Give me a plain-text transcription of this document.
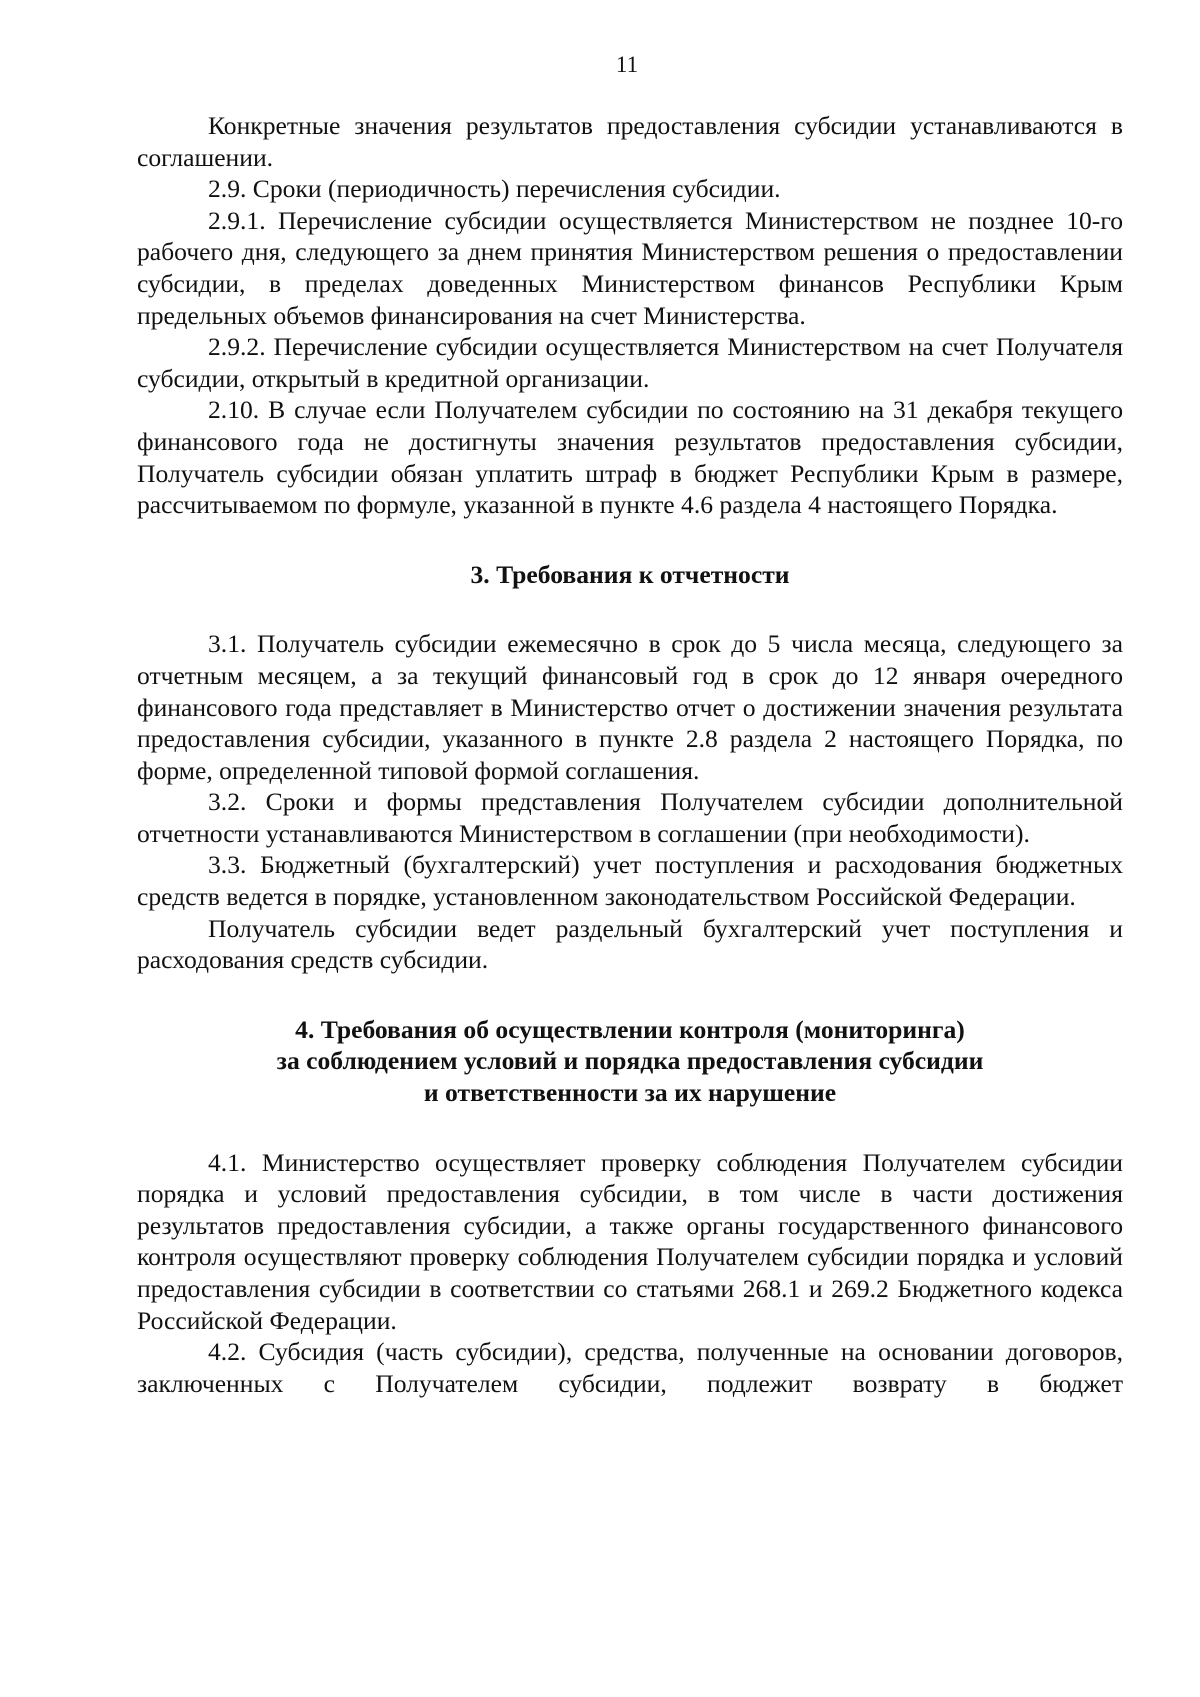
11

Конкретные значения результатов предоставления субсидии устанавливаются в соглашении.

2.9. Сроки (периодичность) перечисления субсидии.

2.9.1. Перечисление субсидии осуществляется Министерством не позднее 10-го рабочего дня, следующего за днем принятия Министерством решения о предоставлении субсидии, в пределах доведенных Министерством финансов Республики Крым предельных объемов финансирования на счет Министерства.

2.9.2. Перечисление субсидии осуществляется Министерством на счет Получателя субсидии, открытый в кредитной организации.

2.10. В случае если Получателем субсидии по состоянию на 31 декабря текущего финансового года не достигнуты значения результатов предоставления субсидии, Получатель субсидии обязан уплатить штраф в бюджет Республики Крым в размере, рассчитываемом по формуле, указанной в пункте 4.6 раздела 4 настоящего Порядка.

3. Требования к отчетности

3.1. Получатель субсидии ежемесячно в срок до 5 числа месяца, следующего за отчетным месяцем, а за текущий финансовый год в срок до 12 января очередного финансового года представляет в Министерство отчет о достижении значения результата предоставления субсидии, указанного в пункте 2.8 раздела 2 настоящего Порядка, по форме, определенной типовой формой соглашения.

3.2. Сроки и формы представления Получателем субсидии дополнительной отчетности устанавливаются Министерством в соглашении (при необходимости).

3.3. Бюджетный (бухгалтерский) учет поступления и расходования бюджетных средств ведется в порядке, установленном законодательством Российской Федерации.

Получатель субсидии ведет раздельный бухгалтерский учет поступления и расходования средств субсидии.

4. Требования об осуществлении контроля (мониторинга)
за соблюдением условий и порядка предоставления субсидии
и ответственности за их нарушение

4.1. Министерство осуществляет проверку соблюдения Получателем субсидии порядка и условий предоставления субсидии, в том числе в части достижения результатов предоставления субсидии, а также органы государственного финансового контроля осуществляют проверку соблюдения Получателем субсидии порядка и условий предоставления субсидии в соответствии со статьями 268.1 и 269.2 Бюджетного кодекса Российской Федерации.

4.2. Субсидия (часть субсидии), средства, полученные на основании договоров, заключенных с Получателем субсидии, подлежит возврату в бюджет
